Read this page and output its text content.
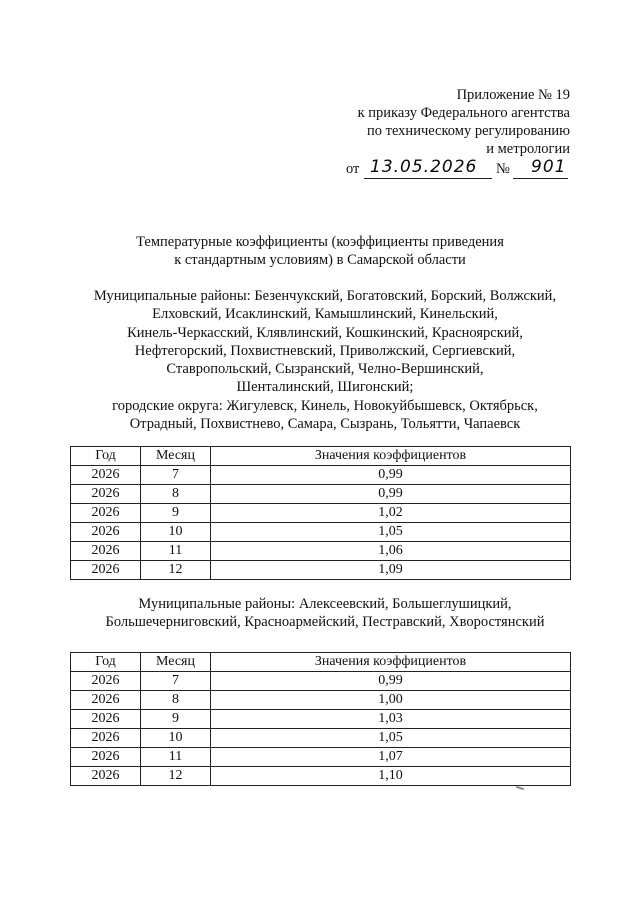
Приложение № 19
к приказу Федерального агентства
по техническому регулированию
и метрологии
от 13.05.2026 № 901
Температурные коэффициенты (коэффициенты приведения
к стандартным условиям) в Самарской области
Муниципальные районы: Безенчукский, Богатовский, Борский, Волжский,
Елховский, Исаклинский, Камышлинский, Кинельский,
Кинель-Черкасский, Клявлинский, Кошкинский, Красноярский,
Нефтегорский, Похвистневский, Приволжский, Сергиевский,
Ставропольский, Сызранский, Челно-Вершинский,
Шенталинский, Шигонский;
городские округа: Жигулевск, Кинель, Новокуйбышевск, Октябрьск,
Отрадный, Похвистнево, Самара, Сызрань, Тольятти, Чапаевск
Год	Месяц	Значения коэффициентов
2026	7	0,99
2026	8	0,99
2026	9	1,02
2026	10	1,05
2026	11	1,06
2026	12	1,09
Муниципальные районы: Алексеевский, Большеглушицкий,
Большечерниговский, Красноармейский, Пестравский, Хворостянский
Год	Месяц	Значения коэффициентов
2026	7	0,99
2026	8	1,00
2026	9	1,03
2026	10	1,05
2026	11	1,07
2026	12	1,10
